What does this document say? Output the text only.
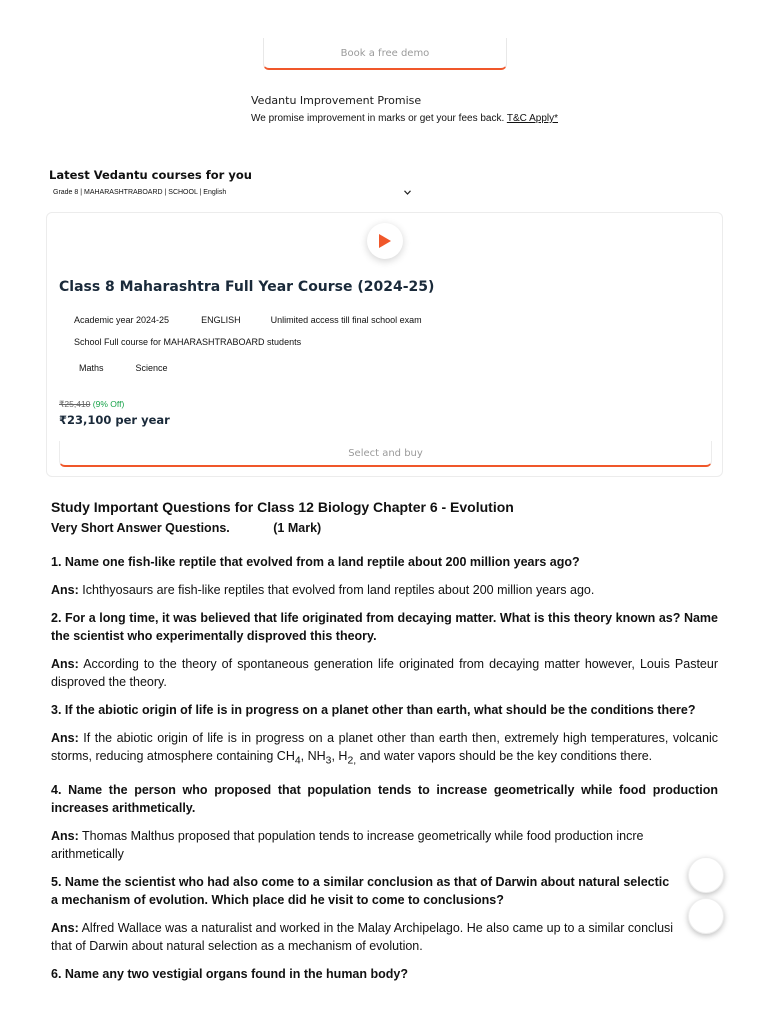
Book a free demo
Vedantu Improvement Promise
We promise improvement in marks or get your fees back. T&C Apply*
Latest Vedantu courses for you
Grade 8 | MAHARASHTRABOARD | SCHOOL | English
Class 8 Maharashtra Full Year Course (2024-25)
Academic year 2024-25	ENGLISH	Unlimited access till final school exam
School Full course for MAHARASHTRABOARD students
Maths	Science
₹25,410 (9% Off)
₹23,100 per year
Select and buy
Study Important Questions for Class 12 Biology Chapter 6 - Evolution
Very Short Answer Questions.	(1 Mark)

1. Name one fish-like reptile that evolved from a land reptile about 200 million years ago?

Ans: Ichthyosaurs are fish-like reptiles that evolved from land reptiles about 200 million years ago.

2. For a long time, it was believed that life originated from decaying matter. What is this theory known as? Name the scientist who experimentally disproved this theory.

Ans: According to the theory of spontaneous generation life originated from decaying matter however, Louis Pasteur disproved the theory.

3. If the abiotic origin of life is in progress on a planet other than earth, what should be the conditions there?

Ans: If the abiotic origin of life is in progress on a planet other than earth then, extremely high temperatures, volcanic storms, reducing atmosphere containing $CH_4$, $NH_3$, $H_{2,}$ and water vapors should be the key conditions there.

4. Name the person who proposed that population tends to increase geometrically while food production increases arithmetically.

Ans: Thomas Malthus proposed that population tends to increase geometrically while food production incre
arithmetically
5. Name the scientist who had also come to a similar conclusion as that of Darwin about natural selectic
a mechanism of evolution. Which place did he visit to come to conclusions?
Ans: Alfred Wallace was a naturalist and worked in the Malay Archipelago. He also came up to a similar conclusi
that of Darwin about natural selection as a mechanism of evolution.

6. Name any two vestigial organs found in the human body?
